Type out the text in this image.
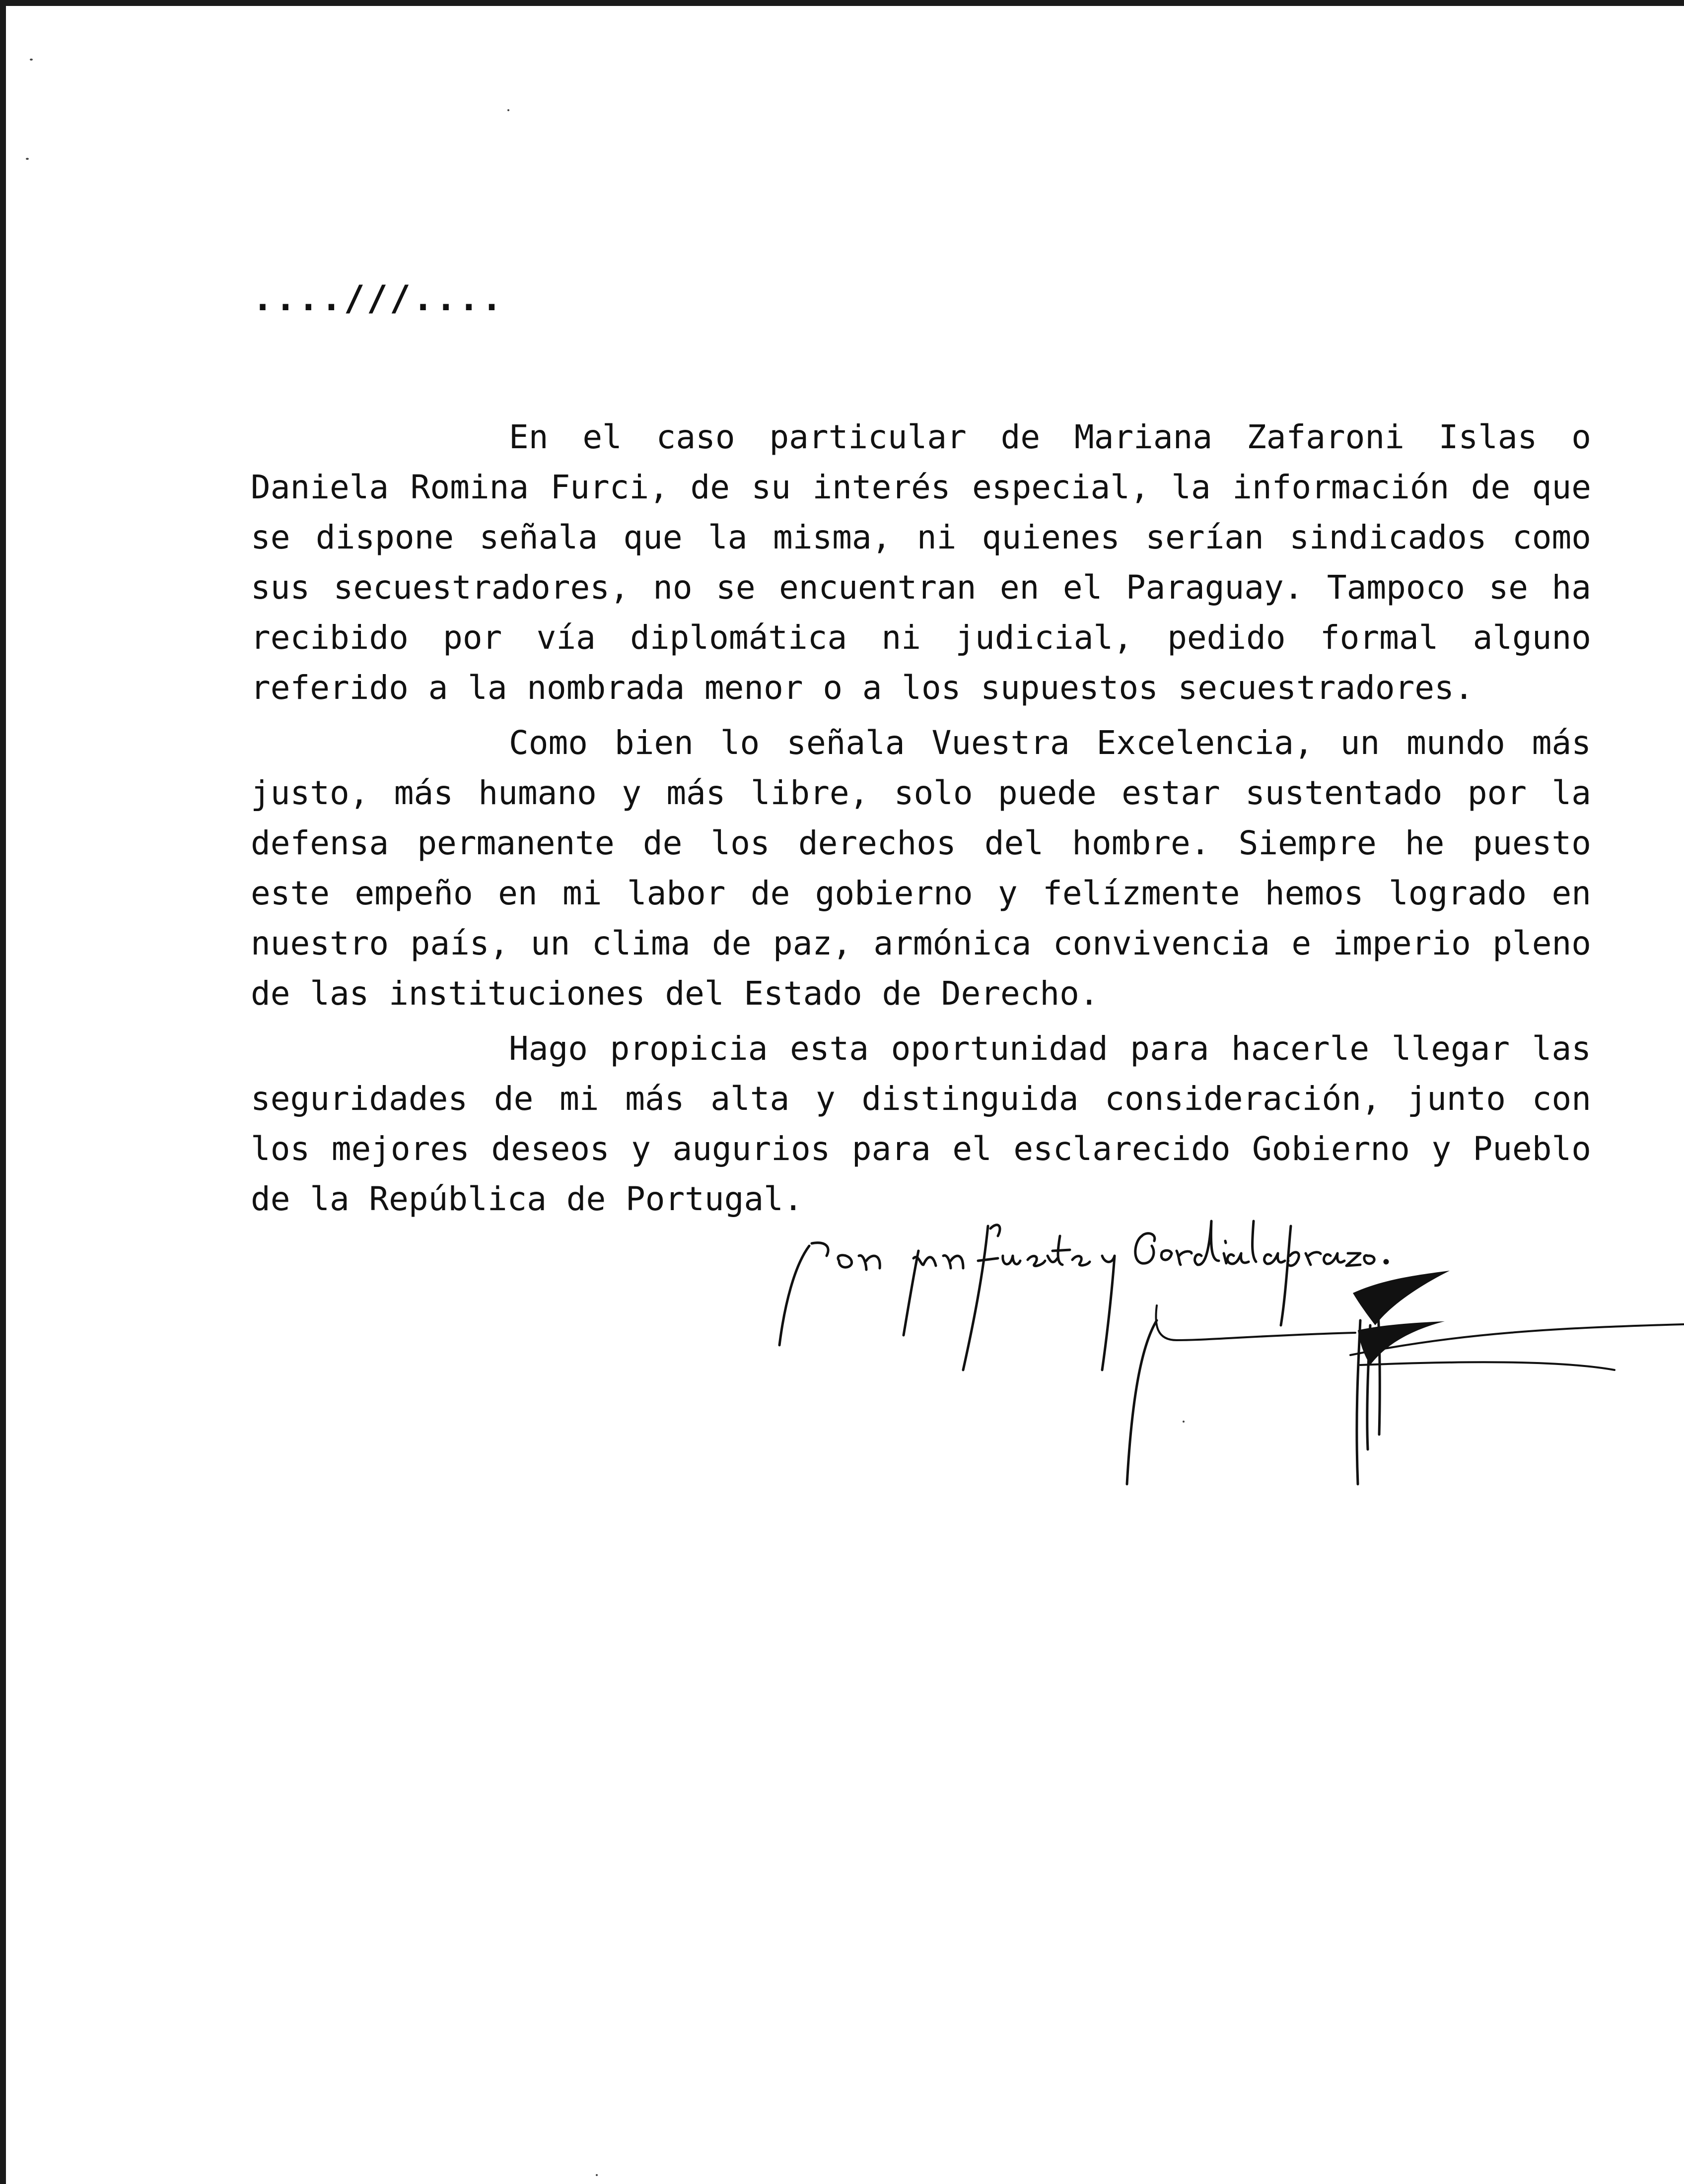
....///....

En el caso particular de Mariana Zafaroni Islas o Daniela Romina Furci, de su interés especial, la información de que se dispone señala que la misma, ni quienes serían sindicados como sus secuestradores, no se encuentran en el Paraguay. Tampoco se ha recibido por vía diplomática ni judicial, pedido formal alguno referido a la nombrada menor o a los supuestos secuestradores.

Como bien lo señala Vuestra Excelencia, un mundo más justo, más humano y más libre, solo puede estar sustentado por la defensa permanente de los derechos del hombre. Siempre he puesto este empeño en mi labor de gobierno y felízmente hemos logrado en nuestro país, un clima de paz, armónica convivencia e imperio pleno de las instituciones del Estado de Derecho.

Hago propicia esta oportunidad para hacerle llegar las seguridades de mi más alta y distinguida consideración, junto con los mejores deseos y augurios para el esclarecido Gobierno y Pueblo de la República de Portugal.
